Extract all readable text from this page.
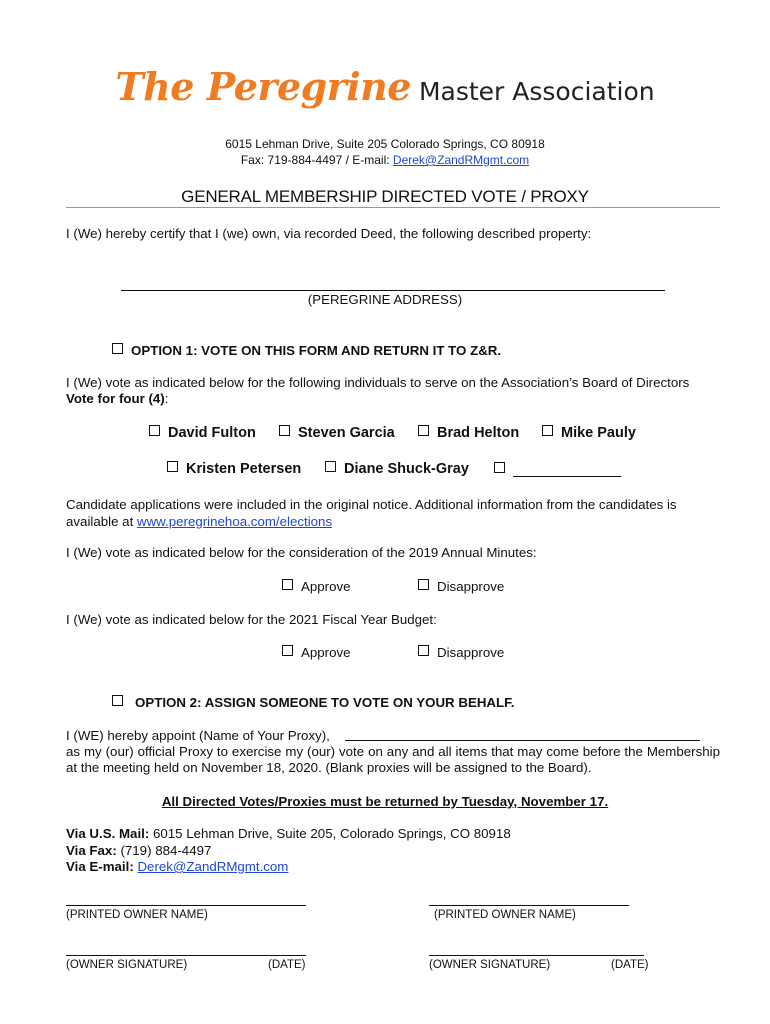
The Peregrine Master Association
6015 Lehman Drive, Suite 205 Colorado Springs, CO 80918
Fax: 719-884-4497 / E-mail: Derek@ZandRMgmt.com
GENERAL MEMBERSHIP DIRECTED VOTE / PROXY
I (We) hereby certify that I (we) own, via recorded Deed, the following described property:
(PEREGRINE ADDRESS)
OPTION 1: VOTE ON THIS FORM AND RETURN IT TO Z&R.
I (We) vote as indicated below for the following individuals to serve on the Association’s Board of Directors
Vote for four (4):
David Fulton	Steven Garcia	Brad Helton	Mike Pauly
Kristen Petersen	Diane Shuck-Gray
Candidate applications were included in the original notice. Additional information from the candidates is available at www.peregrinehoa.com/elections
I (We) vote as indicated below for the consideration of the 2019 Annual Minutes:
Approve	Disapprove
I (We) vote as indicated below for the 2021 Fiscal Year Budget:
Approve	Disapprove
OPTION 2: ASSIGN SOMEONE TO VOTE ON YOUR BEHALF.
I (WE) hereby appoint (Name of Your Proxy),
as my (our) official Proxy to exercise my (our) vote on any and all items that may come before the Membership at the meeting held on November 18, 2020. (Blank proxies will be assigned to the Board).
All Directed Votes/Proxies must be returned by Tuesday, November 17.
Via U.S. Mail: 6015 Lehman Drive, Suite 205, Colorado Springs, CO 80918
Via Fax: (719) 884-4497
Via E-mail: Derek@ZandRMgmt.com
(PRINTED OWNER NAME)	(PRINTED OWNER NAME)
(OWNER SIGNATURE)	(DATE)	(OWNER SIGNATURE)	(DATE)
